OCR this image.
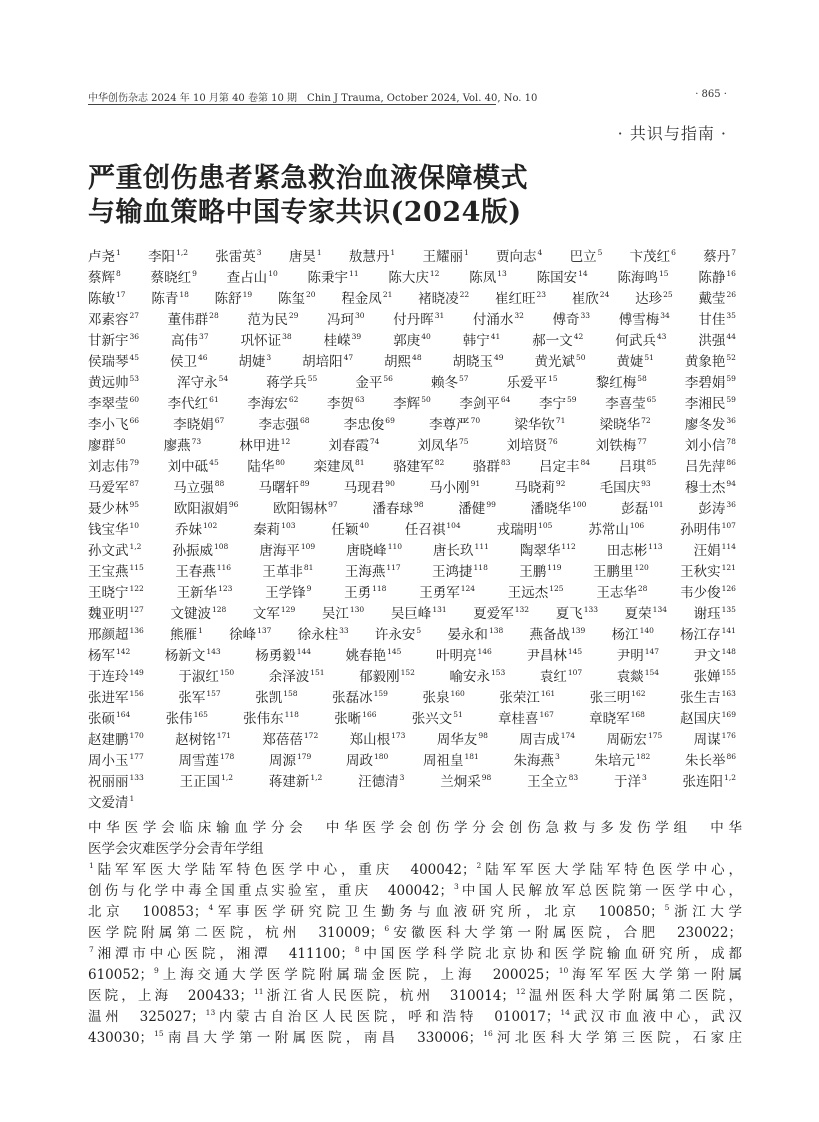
中华创伤杂志 2024 年 10 月第 40 卷第 10 期　Chin J Trauma, October 2024, Vol. 40, No. 10	· 865 ·
· 共识与指南 ·
严重创伤患者紧急救治血液保障模式
与输血策略中国专家共识(2024版)
卢尧$^1$ 李阳$^{1,2}$ 张雷英$^3$ 唐昊$^1$ 敖慧丹$^1$ 王耀丽$^1$ 贾向志$^4$ 巴立$^5$ 卞茂红$^6$ 蔡丹$^7$
蔡辉$^8$ 蔡晓红$^9$ 查占山$^{10}$ 陈秉宇$^{11}$ 陈大庆$^{12}$ 陈凤$^{13}$ 陈国安$^{14}$ 陈海鸣$^{15}$ 陈静$^{16}$
陈敏$^{17}$ 陈青$^{18}$ 陈舒$^{19}$ 陈玺$^{20}$ 程金凤$^{21}$ 褚晓凌$^{22}$ 崔红旺$^{23}$ 崔欣$^{24}$ 达珍$^{25}$ 戴莹$^{26}$
邓素容$^{27}$ 董伟群$^{28}$ 范为民$^{29}$ 冯珂$^{30}$ 付丹晖$^{31}$ 付涌水$^{32}$ 傅奇$^{33}$ 傅雪梅$^{34}$ 甘佳$^{35}$
甘新宇$^{36}$ 高伟$^{37}$ 巩怀证$^{38}$ 桂嵘$^{39}$ 郭庚$^{40}$ 韩宁$^{41}$ 郝一文$^{42}$ 何武兵$^{43}$ 洪强$^{44}$
侯瑞琴$^{45}$ 侯卫$^{46}$ 胡婕$^3$ 胡培阳$^{47}$ 胡熙$^{48}$ 胡晓玉$^{49}$ 黄光斌$^{50}$ 黄婕$^{51}$ 黄象艳$^{52}$
黄远帅$^{53}$	浑守永$^{54}$	蒋学兵$^{55}$	金平$^{56}$	赖冬$^{57}$	乐爱平$^{15}$	黎红梅$^{58}$	李碧娟$^{59}$
李翠莹$^{60}$ 李代红$^{61}$ 李海宏$^{62}$ 李贺$^{63}$ 李辉$^{50}$ 李剑平$^{64}$ 李宁$^{59}$ 李喜莹$^{65}$ 李湘民$^{59}$
李小飞$^{66}$	李晓娟$^{67}$	李志强$^{68}$	李忠俊$^{69}$	李尊严$^{70}$	梁华钦$^{71}$	梁晓华$^{72}$	廖冬发$^{36}$
廖群$^{50}$	廖燕$^{73}$	林甲进$^{12}$	刘春霞$^{74}$	刘凤华$^{75}$	刘培贤$^{76}$	刘铁梅$^{77}$	刘小信$^{78}$
刘志伟$^{79}$ 刘中砥$^{45}$ 陆华$^{80}$ 栾建凤$^{81}$ 骆建军$^{82}$ 骆群$^{83}$ 吕定丰$^{84}$ 吕琪$^{85}$ 吕先萍$^{86}$
马爱军$^{87}$	马立强$^{88}$	马曙轩$^{89}$	马现君$^{90}$	马小刚$^{91}$	马晓莉$^{92}$	毛国庆$^{93}$	穆士杰$^{94}$
聂少林$^{95}$	欧阳淑娟$^{96}$	欧阳锡林$^{97}$	潘春球$^{98}$	潘健$^{99}$	潘晓华$^{100}$	彭磊$^{101}$	彭涛$^{36}$
钱宝华$^{10}$	乔妹$^{102}$	秦莉$^{103}$	任颖$^{40}$	任召祺$^{104}$	戎瑞明$^{105}$	苏常山$^{106}$	孙明伟$^{107}$
孙文武$^{1,2}$ 孙振威$^{108}$ 唐海平$^{109}$ 唐晓峰$^{110}$ 唐长玖$^{111}$ 陶翠华$^{112}$ 田志彬$^{113}$ 汪娟$^{114}$
王宝燕$^{115}$ 王春燕$^{116}$ 王革非$^{81}$ 王海燕$^{117}$ 王鸿捷$^{118}$ 王鹏$^{119}$ 王鹏里$^{120}$ 王秋实$^{121}$
王晓宁$^{122}$ 王新华$^{123}$ 王学锋$^9$ 王勇$^{118}$ 王勇军$^{124}$ 王远杰$^{125}$ 王志华$^{28}$ 韦少俊$^{126}$
魏亚明$^{127}$ 文键波$^{128}$ 文军$^{129}$ 吴江$^{130}$ 吴巨峰$^{131}$ 夏爱军$^{132}$ 夏飞$^{133}$ 夏荣$^{134}$ 谢珏$^{135}$
邢颜超$^{136}$ 熊雁$^1$ 徐峰$^{137}$ 徐永柱$^{33}$ 许永安$^5$ 晏永和$^{138}$ 燕备战$^{139}$ 杨江$^{140}$ 杨江存$^{141}$
杨军$^{142}$	杨新文$^{143}$	杨勇毅$^{144}$	姚春艳$^{145}$	叶明亮$^{146}$	尹昌林$^{145}$	尹明$^{147}$	尹文$^{148}$
于连玲$^{149}$	于淑红$^{150}$	余泽波$^{151}$	郁毅刚$^{152}$	喻安永$^{153}$	袁红$^{107}$	袁燚$^{154}$	张婵$^{155}$
张进军$^{156}$	张军$^{157}$	张凯$^{158}$	张磊冰$^{159}$	张泉$^{160}$	张荣江$^{161}$	张三明$^{162}$	张生吉$^{163}$
张硕$^{164}$	张伟$^{165}$	张伟东$^{118}$	张晰$^{166}$	张兴文$^{51}$	章桂喜$^{167}$	章晓军$^{168}$	赵国庆$^{169}$
赵建鹏$^{170}$ 赵树铭$^{171}$ 郑蓓蓓$^{172}$ 郑山根$^{173}$ 周华友$^{98}$ 周吉成$^{174}$ 周砺宏$^{175}$ 周谋$^{176}$
周小玉$^{177}$	周雪莲$^{178}$	周源$^{179}$	周政$^{180}$	周祖皇$^{181}$	朱海燕$^3$	朱培元$^{182}$	朱长举$^{86}$
祝丽丽$^{133}$	王正国$^{1,2}$	蒋建新$^{1,2}$	汪德清$^3$	兰炯采$^{98}$	王全立$^{83}$	于洋$^3$	张连阳$^{1,2}$
文爱清$^1$
中华医学会临床输血学分会　中华医学会创伤学分会创伤急救与多发伤学组　中华
医学会灾难医学分会青年学组
$^1$陆军军医大学陆军特色医学中心，重庆　400042；$^2$陆军军医大学陆军特色医学中心，
创伤与化学中毒全国重点实验室，重庆　400042；$^3$中国人民解放军总医院第一医学中心，
北京　100853；$^4$军事医学研究院卫生勤务与血液研究所，北京　100850；$^5$浙江大学
医学院附属第二医院，杭州　310009；$^6$安徽医科大学第一附属医院，合肥　230022；
$^7$湘潭市中心医院，湘潭　411100；$^8$中国医学科学院北京协和医学院输血研究所，成都
610052；$^9$上海交通大学医学院附属瑞金医院，上海　200025；$^{10}$海军军医大学第一附属
医院，上海　200433；$^{11}$浙江省人民医院，杭州　310014；$^{12}$温州医科大学附属第二医院，
温州　325027；$^{13}$内蒙古自治区人民医院，呼和浩特　010017；$^{14}$武汉市血液中心，武汉
430030；$^{15}$南昌大学第一附属医院，南昌　330006；$^{16}$河北医科大学第三医院，石家庄
